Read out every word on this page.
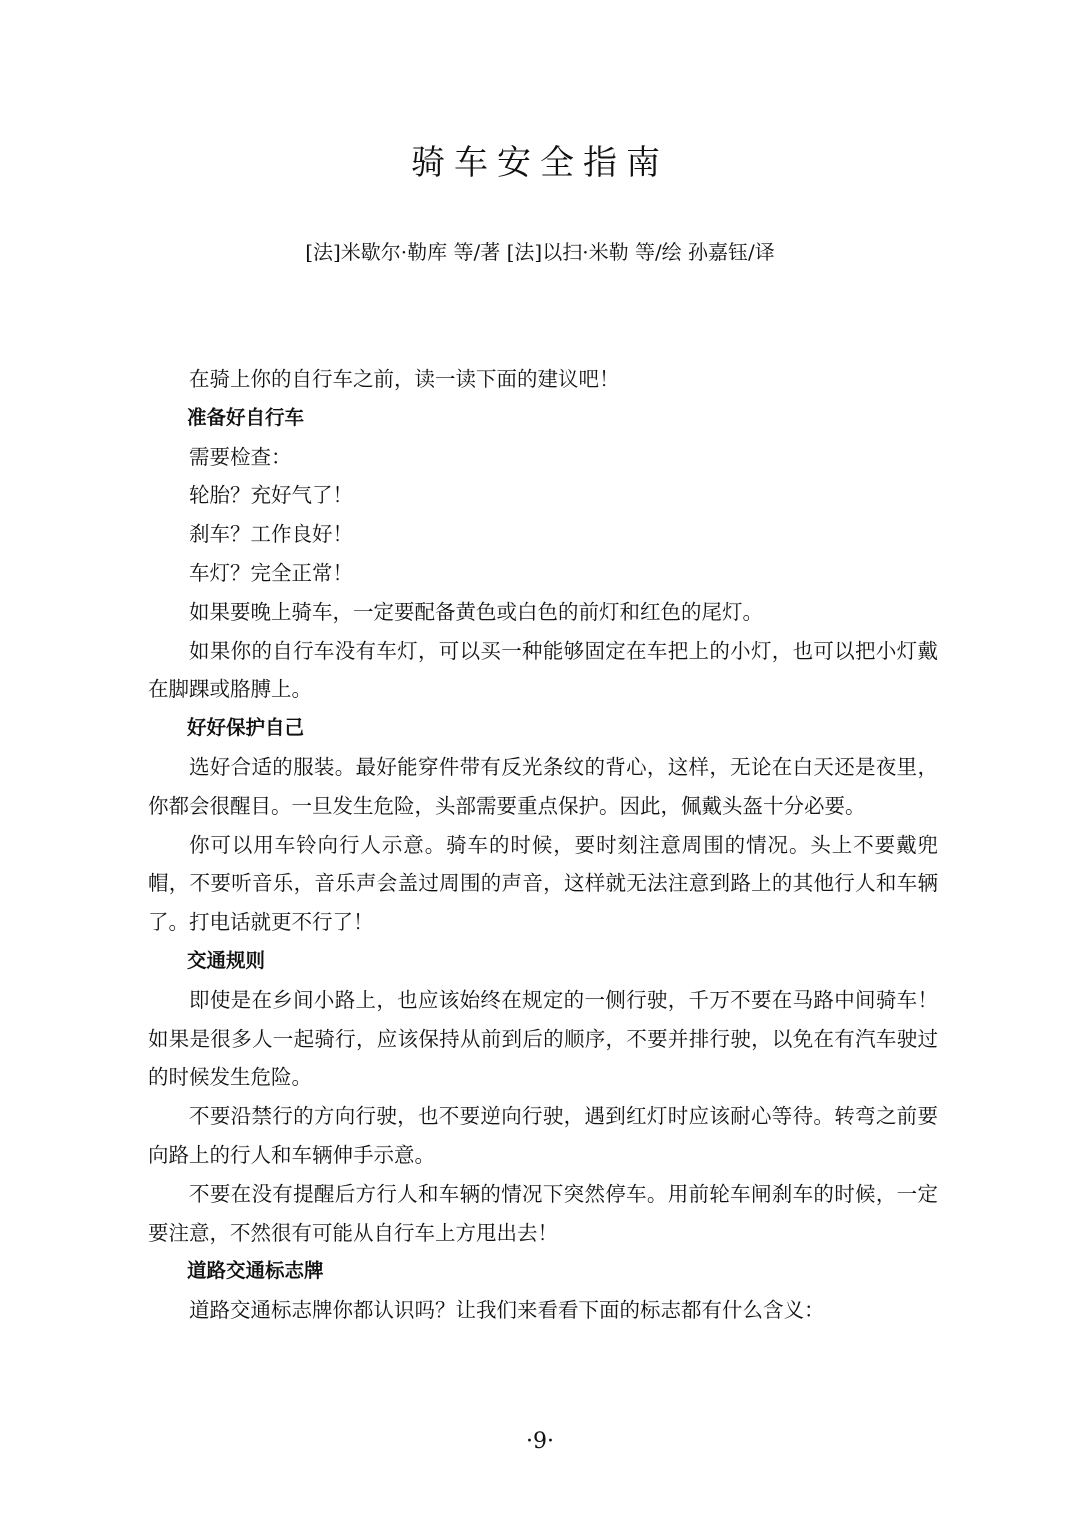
骑车安全指南
[法]米歇尔·勒库 等/著 [法]以扫·米勒 等/绘 孙嘉钰/译

在骑上你的自行车之前，读一读下面的建议吧！

准备好自行车

需要检查：

轮胎？充好气了！

刹车？工作良好！

车灯？完全正常！

如果要晚上骑车，一定要配备黄色或白色的前灯和红色的尾灯。

如果你的自行车没有车灯，可以买一种能够固定在车把上的小灯，也可以把小灯戴在脚踝或胳膊上。

好好保护自己

选好合适的服装。最好能穿件带有反光条纹的背心，这样，无论在白天还是夜里，你都会很醒目。一旦发生危险，头部需要重点保护。因此，佩戴头盔十分必要。

你可以用车铃向行人示意。骑车的时候，要时刻注意周围的情况。头上不要戴兜帽，不要听音乐，音乐声会盖过周围的声音，这样就无法注意到路上的其他行人和车辆了。打电话就更不行了！

交通规则

即使是在乡间小路上，也应该始终在规定的一侧行驶，千万不要在马路中间骑车！如果是很多人一起骑行，应该保持从前到后的顺序，不要并排行驶，以免在有汽车驶过的时候发生危险。

不要沿禁行的方向行驶，也不要逆向行驶，遇到红灯时应该耐心等待。转弯之前要向路上的行人和车辆伸手示意。

不要在没有提醒后方行人和车辆的情况下突然停车。用前轮车闸刹车的时候，一定要注意，不然很有可能从自行车上方甩出去！

道路交通标志牌

道路交通标志牌你都认识吗？让我们来看看下面的标志都有什么含义：

·9·
